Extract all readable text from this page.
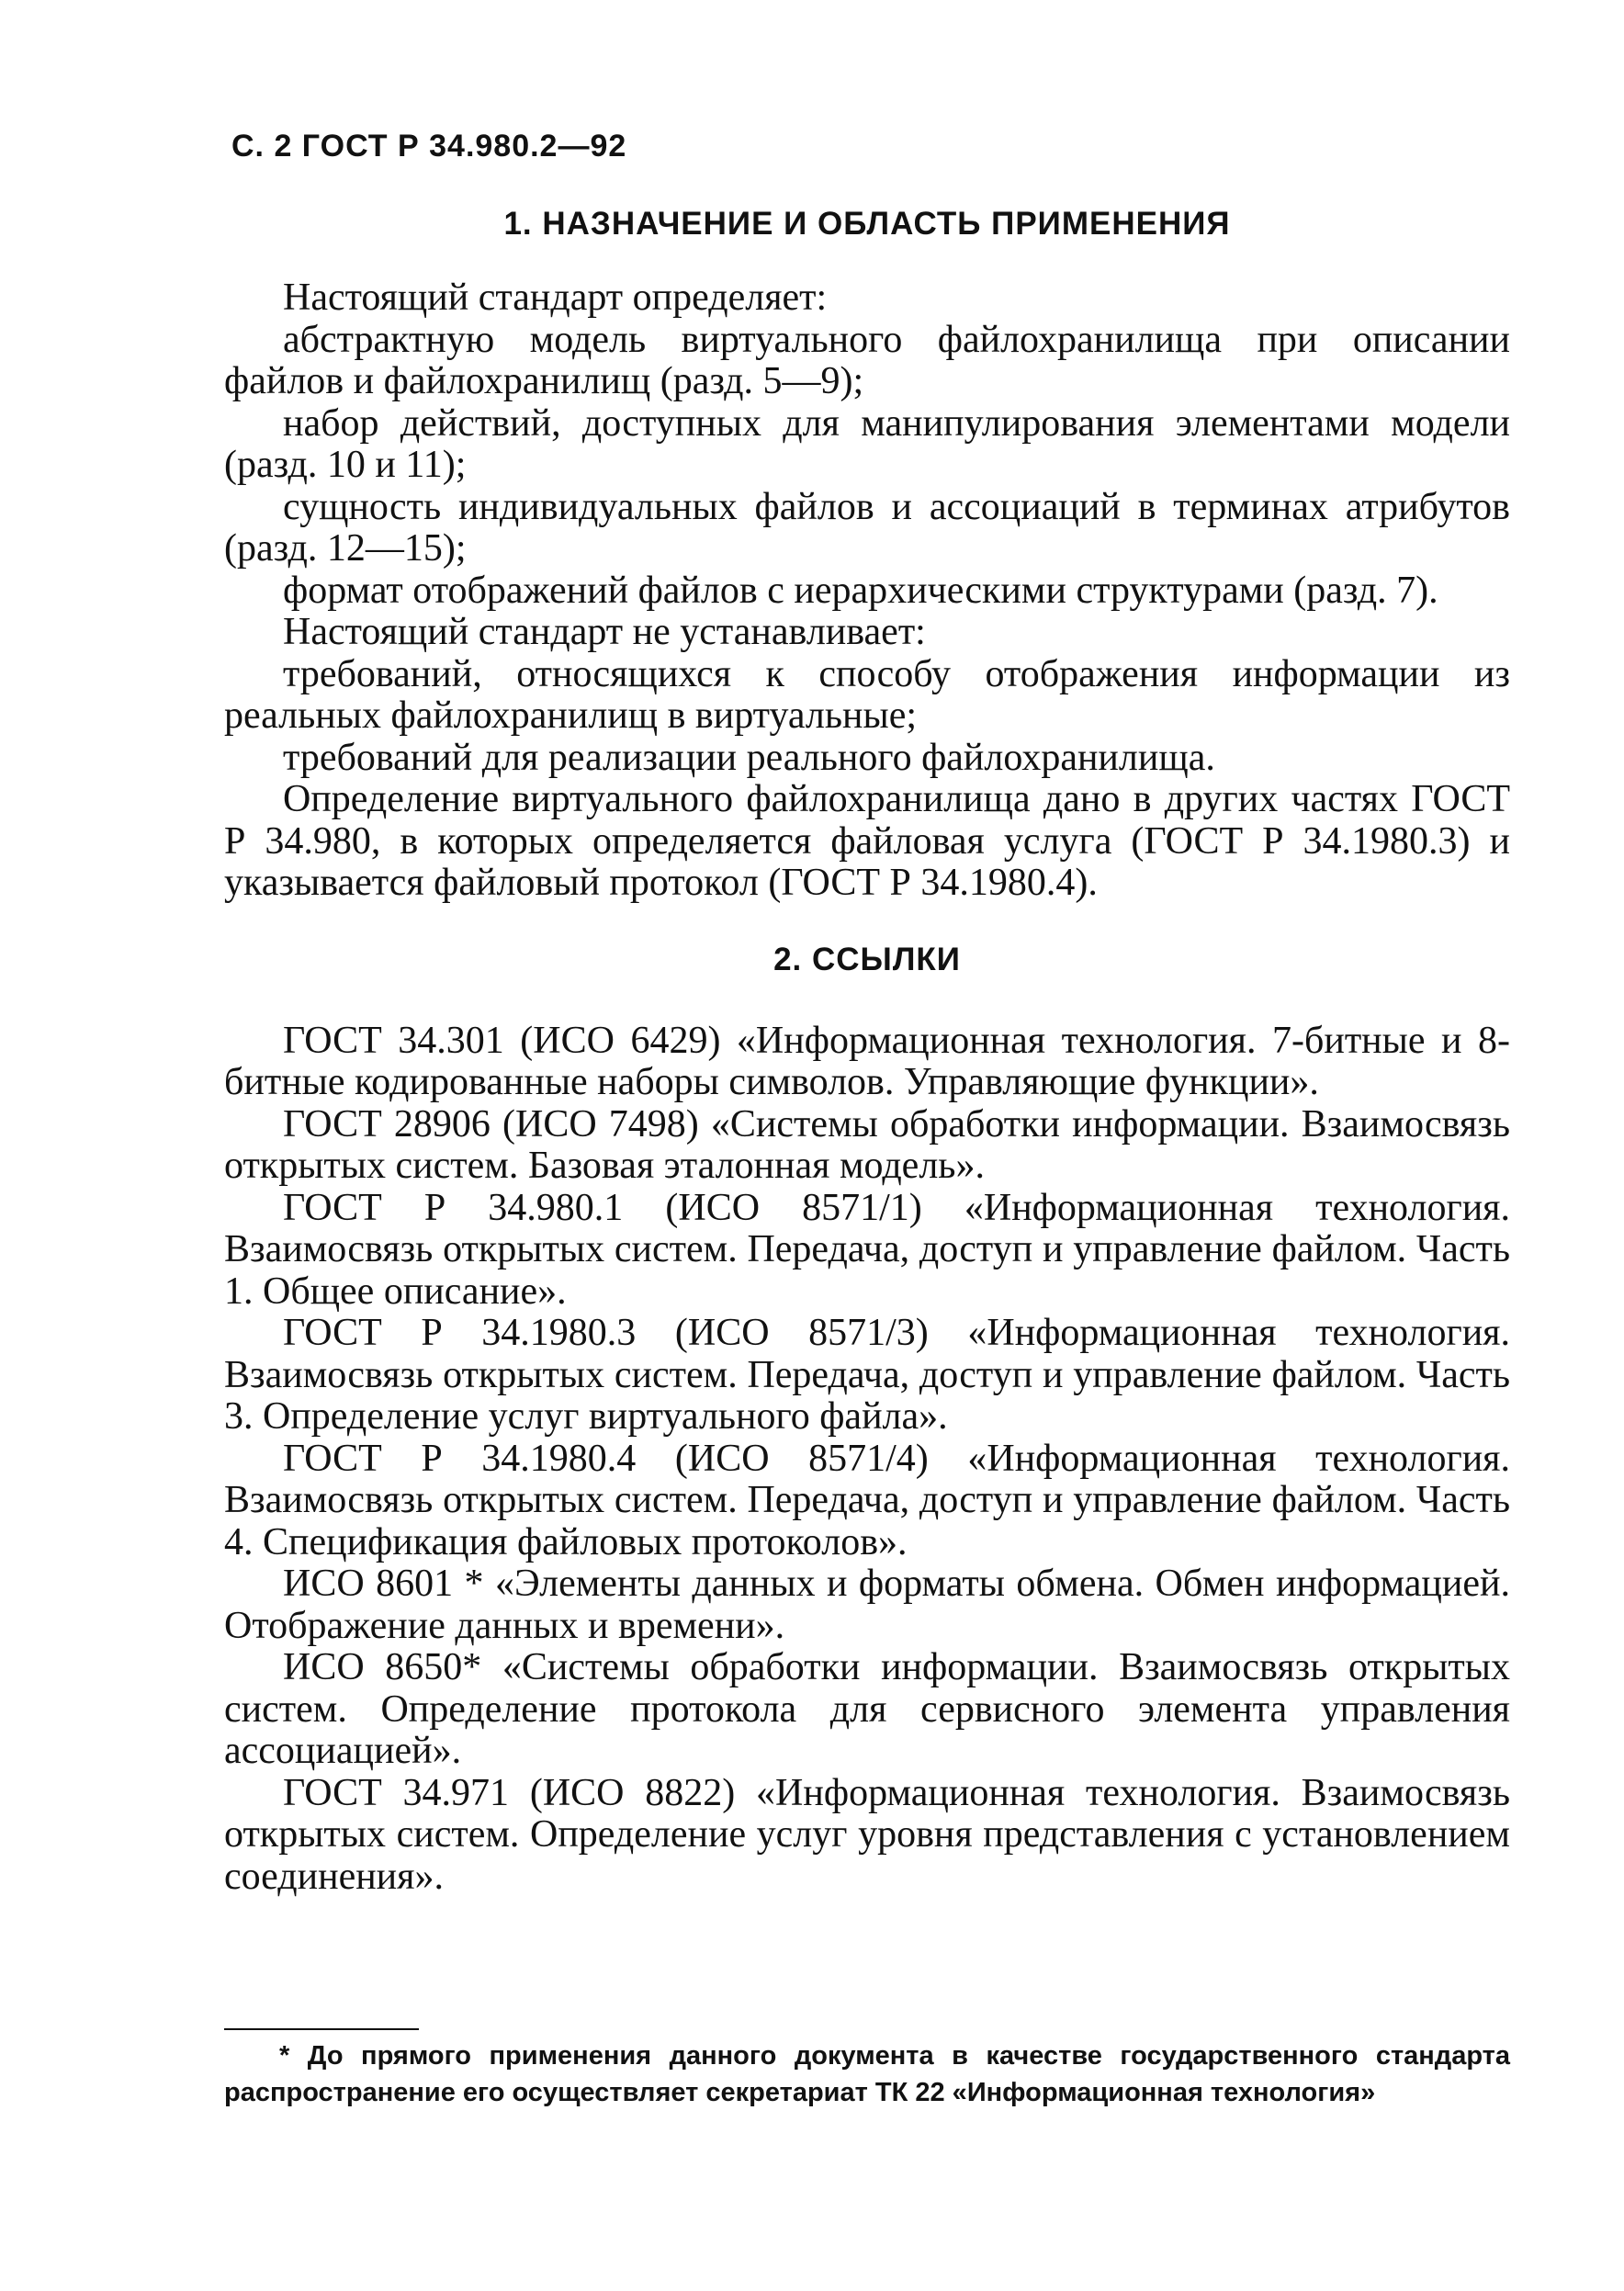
С. 2 ГОСТ Р 34.980.2—92
1. НАЗНАЧЕНИЕ И ОБЛАСТЬ ПРИМЕНЕНИЯ

Настоящий стандарт определяет:

абстрактную модель виртуального файлохранилища при описании файлов и файлохранилищ (разд. 5—9);

набор действий, доступных для манипулирования элементами модели (разд. 10 и 11);

сущность индивидуальных файлов и ассоциаций в терминах атрибутов (разд. 12—15);

формат отображений файлов с иерархическими структурами (разд. 7).

Настоящий стандарт не устанавливает:

требований, относящихся к способу отображения информации из реальных файлохранилищ в виртуальные;

требований для реализации реального файлохранилища.

Определение виртуального файлохранилища дано в других частях ГОСТ Р 34.980, в которых определяется файловая услуга (ГОСТ Р 34.1980.3) и указывается файловый протокол (ГОСТ Р 34.1980.4).

2. ССЫЛКИ

ГОСТ 34.301 (ИСО 6429) «Информационная технология. 7-битные и 8-битные кодированные наборы символов. Управляющие функции».

ГОСТ 28906 (ИСО 7498) «Системы обработки информации. Взаимосвязь открытых систем. Базовая эталонная модель».

ГОСТ Р 34.980.1 (ИСО 8571/1) «Информационная технология. Взаимосвязь открытых систем. Передача, доступ и управление файлом. Часть 1. Общее описание».

ГОСТ Р 34.1980.3 (ИСО 8571/3) «Информационная технология. Взаимосвязь открытых систем. Передача, доступ и управление файлом. Часть 3. Определение услуг виртуального файла».

ГОСТ Р 34.1980.4 (ИСО 8571/4) «Информационная технология. Взаимосвязь открытых систем. Передача, доступ и управление файлом. Часть 4. Спецификация файловых протоколов».

ИСО 8601 * «Элементы данных и форматы обмена. Обмен информацией. Отображение данных и времени».

ИСО 8650* «Системы обработки информации. Взаимосвязь открытых систем. Определение протокола для сервисного элемента управления ассоциацией».

ГОСТ 34.971 (ИСО 8822) «Информационная технология. Взаимосвязь открытых систем. Определение услуг уровня представления с установлением соединения».

* До прямого применения данного документа в качестве государственного стандарта распространение его осуществляет секретариат ТК 22 «Информационная технология»
